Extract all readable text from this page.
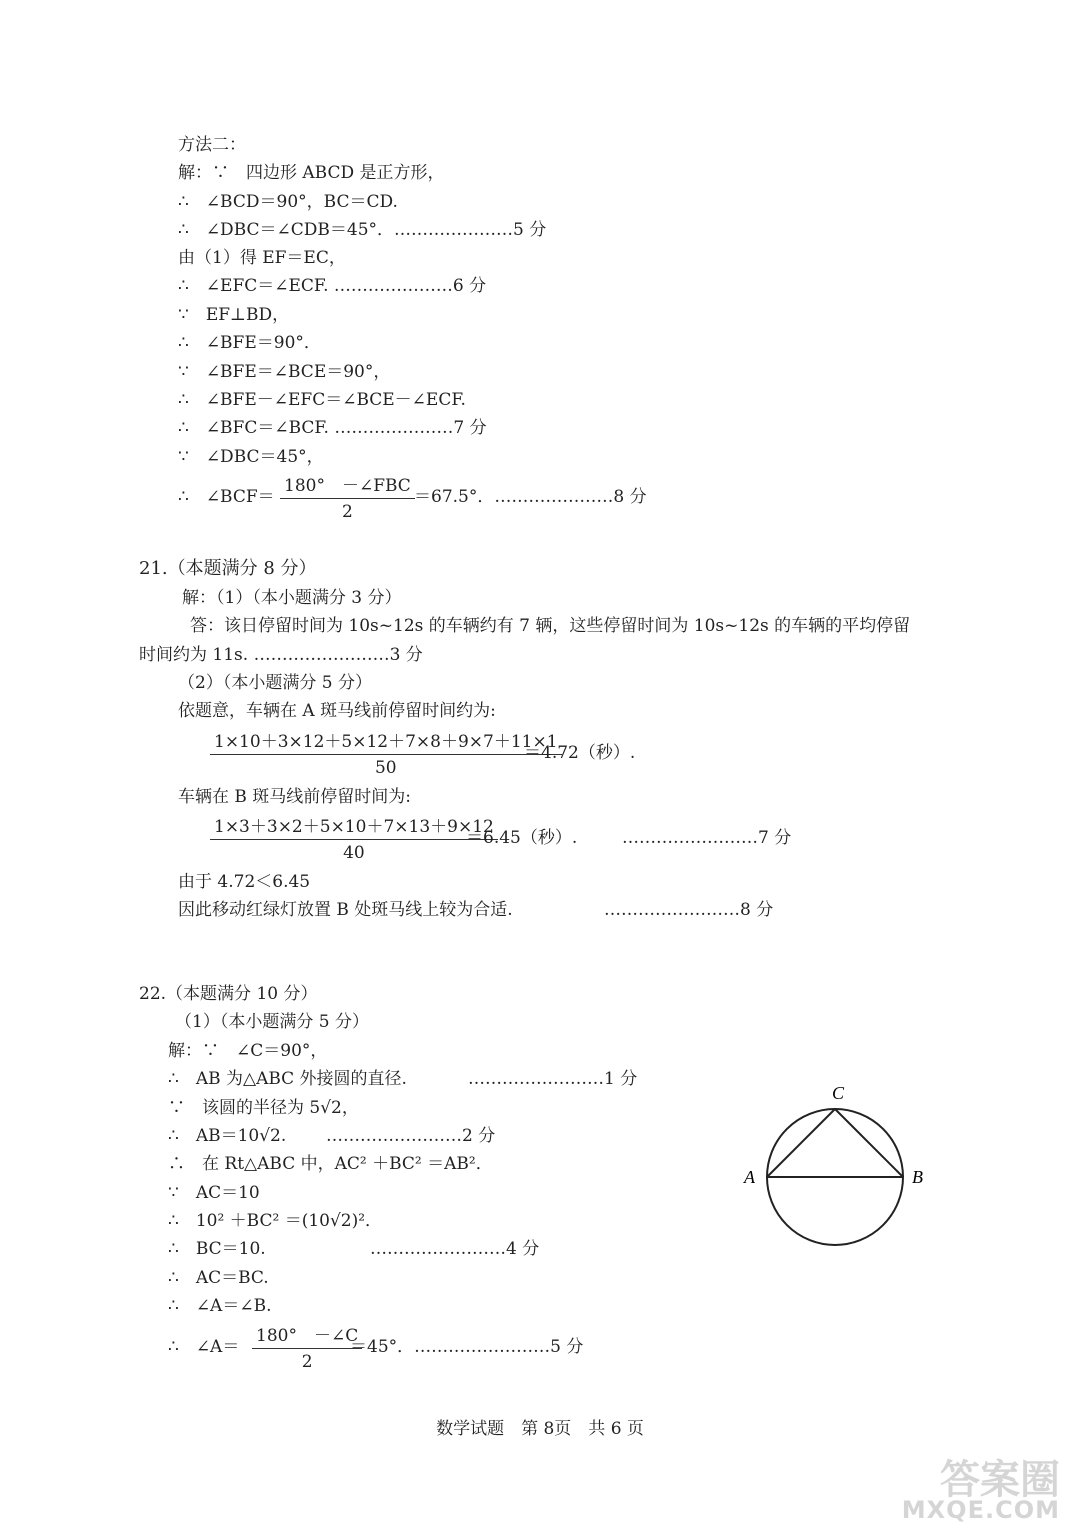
方法二：
解：∵　四边形 ABCD 是正方形，
∴　∠BCD＝90°，BC＝CD.
∴　∠DBC＝∠CDB＝45°．…………………5 分
由（1）得 EF＝EC，
∴　∠EFC＝∠ECF. …………………6 分
∵　EF⊥BD，
∴　∠BFE＝90°．
∵　∠BFE＝∠BCE＝90°，
∴　∠BFE－∠EFC＝∠BCE－∠ECF.
∴　∠BFC＝∠BCF. …………………7 分
∵　∠DBC＝45°，
∴　∠BCF＝
180°　－∠FBC
2
＝67.5°．…………………8 分
21.（本题满分 8 分）
解：（1）（本小题满分 3 分）
答：该日停留时间为 10s~12s 的车辆约有 7 辆，这些停留时间为 10s~12s 的车辆的平均停留
时间约为 11s. ……………………3 分
（2）（本小题满分 5 分）
依题意，车辆在 A 斑马线前停留时间约为:
$\frac{1\times 10+3\times 12+5\times 12+7\times 8+9\times 7+11\times 1}{50}$
＝4.72（秒）.
车辆在 B 斑马线前停留时间为:
$\frac{1\times 3+3\times 2+5\times 10+7\times 13+9\times 12}{40}$
＝6.45（秒）.	……………………7 分
由于 4.72＜6.45
因此移动红绿灯放置 B 处斑马线上较为合适.	……………………8 分
22.（本题满分 10 分）
（1）（本小题满分 5 分）
解：∵　∠C＝90°，
∴　AB 为△ABC 外接圆的直径.	……………………1 分
∵　该圆的半径为 5√2，
∴　AB＝10√2. ……………………2 分
∴　在 Rt△ABC 中，AC² ＋BC² ＝AB²．
∵　AC＝10
∴　10² ＋BC² ＝(10√2)²．
∴　BC＝10.	……………………4 分
∴　AC＝BC.
∴　∠A＝∠B.
∴　∠A＝ $\frac{180^\circ -\angle C}{2}$
＝45°．……………………5 分
A	B
C
数学试题　第 8页　共 6 页
答案圈
MXQE.COM
